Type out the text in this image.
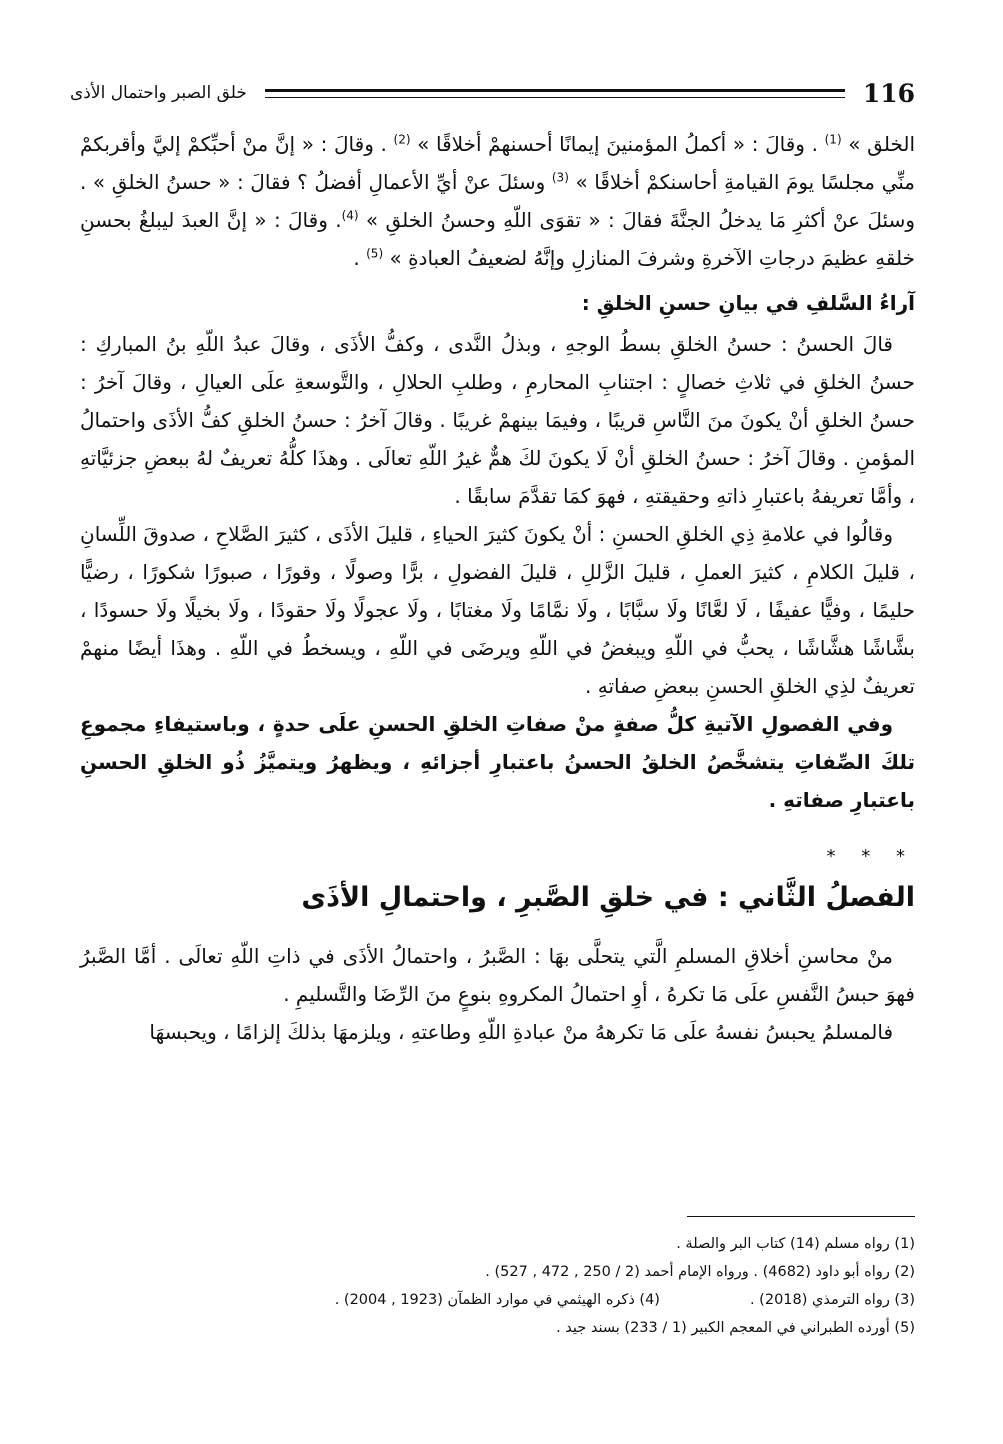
116
خلق الصبر واحتمال الأذى

الخلق » $^{(1)}$ . وقالَ : « أكملُ المؤمنينَ إيمانًا أحسنهمْ أخلاقًا » $^{(2)}$ . وقالَ : « إنَّ منْ أحبِّكمْ إليَّ وأقربكمْ منِّي مجلسًا يومَ القيامةِ أحاسنكمْ أخلاقًا » $^{(3)}$ وسئلَ عنْ أيِّ الأعمالِ أفضلُ ؟ فقالَ : « حسنُ الخلقِ » . وسئلَ عنْ أكثرِ مَا يدخلُ الجنَّةَ فقالَ : « تقوَى اللّهِ وحسنُ الخلقِ » $^{(4)}$. وقالَ : « إنَّ العبدَ ليبلغُ بحسنِ خلقهِ عظيمَ درجاتِ الآخرةِ وشرفَ المنازلِ وإنَّهُ لضعيفُ العبادةِ » $^{(5)}$ .

آراءُ السَّلفِ في بيانِ حسنِ الخلقِ :

قالَ الحسنُ : حسنُ الخلقِ بسطُ الوجهِ ، وبذلُ النَّدى ، وكفُّ الأذَى ، وقالَ عبدُ اللّهِ بنُ المباركِ : حسنُ الخلقِ في ثلاثِ خصالٍ : اجتنابِ المحارمِ ، وطلبِ الحلالِ ، والتَّوسعةِ علَى العيالِ ، وقالَ آخرُ : حسنُ الخلقِ أنْ يكونَ منَ النَّاسِ قريبًا ، وفيمَا بينهمْ غريبًا . وقالَ آخرُ : حسنُ الخلقِ كفُّ الأذَى واحتمالُ المؤمنِ . وقالَ آخرُ : حسنُ الخلقِ أنْ لَا يكونَ لكَ همٌّ غيرُ اللّهِ تعالَى . وهذَا كلُّهُ تعريفٌ لهُ ببعضِ جزئيَّاتهِ ، وأمَّا تعريفهُ باعتبارِ ذاتهِ وحقيقتهِ ، فهوَ كمَا تقدَّمَ سابقًا .

وقالُوا في علامةِ ذِي الخلقِ الحسنِ : أنْ يكونَ كثيرَ الحياءِ ، قليلَ الأذَى ، كثيرَ الصَّلاحِ ، صدوقَ اللِّسانِ ، قليلَ الكلامِ ، كثيرَ العملِ ، قليلَ الزَّللِ ، قليلَ الفضولِ ، برًّا وصولًا ، وقورًا ، صبورًا شكورًا ، رضيًّا حليمًا ، وفيًّا عفيفًا ، لَا لعَّانًا ولَا سبَّابًا ، ولَا نمَّامًا ولَا مغتابًا ، ولَا عجولًا ولَا حقودًا ، ولَا بخيلًا ولَا حسودًا ، بشَّاشًا هشَّاشًا ، يحبُّ في اللّهِ ويبغضُ في اللّهِ ويرضَى في اللّهِ ، ويسخطُ في اللّهِ . وهذَا أيضًا منهمْ تعريفٌ لذِي الخلقِ الحسنِ ببعضِ صفاتهِ .

وفي الفصولِ الآتيةِ كلُّ صفةٍ منْ صفاتِ الخلقِ الحسنِ علَى حدةٍ ، وباستيفاءِ مجموعِ تلكَ الصِّفاتِ يتشخَّصُ الخلقُ الحسنُ باعتبارِ أجزائهِ ، ويظهرُ ويتميَّزُ ذُو الخلقِ الحسنِ باعتبارِ صفاتهِ .

* * *
الفصلُ الثَّاني : في خلقِ الصَّبرِ ، واحتمالِ الأذَى

منْ محاسنِ أخلاقِ المسلمِ الَّتي يتحلَّى بهَا : الصَّبرُ ، واحتمالُ الأذَى في ذاتِ اللّهِ تعالَى . أمَّا الصَّبرُ فهوَ حبسُ النَّفسِ علَى مَا تكرهُ ، أوِ احتمالُ المكروهِ بنوعٍ منَ الرِّضَا والتَّسليمِ .

فالمسلمُ يحبسُ نفسهُ علَى مَا تكرههُ منْ عبادةِ اللّهِ وطاعتهِ ، ويلزمهَا بذلكَ إلزامًا ، ويحبسهَا

(1) رواه مسلم (14) كتاب البر والصلة .
(2) رواه أبو داود (4682) . ورواه الإمام أحمد (2 / 250 , 472 , 527) .
(3) رواه الترمذي (2018) .
(4) ذكره الهيثمي في موارد الظمآن (1923 , 2004) .
(5) أورده الطبراني في المعجم الكبير (1 / 233) بسند جيد .
